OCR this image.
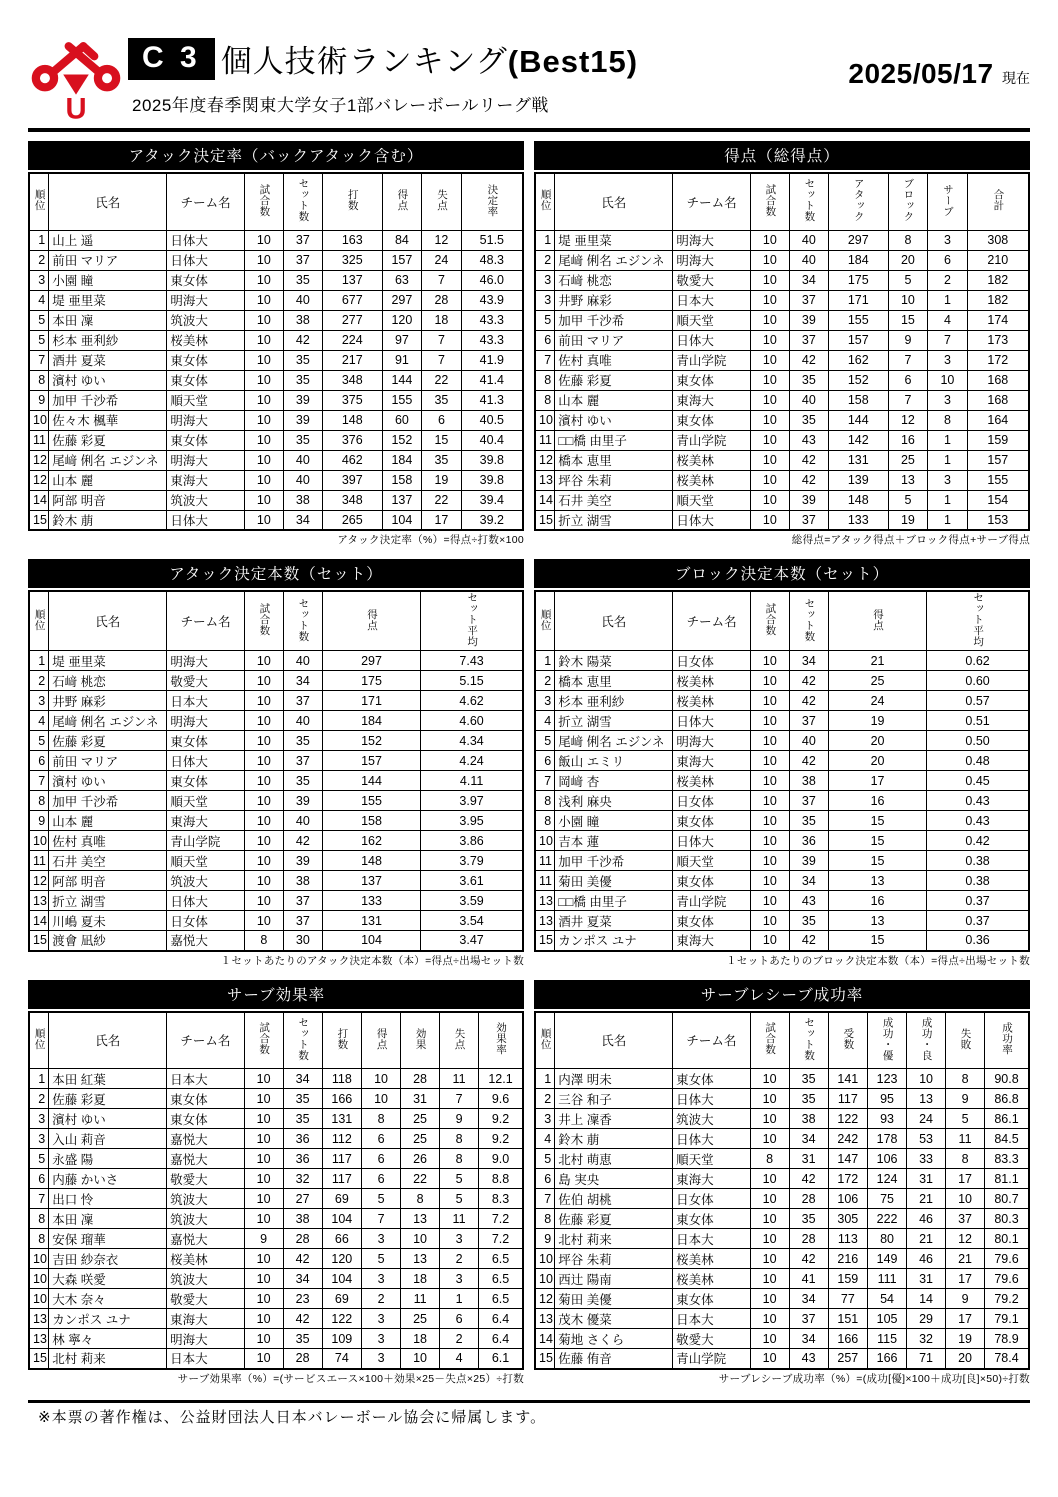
U
C 3 個人技術ランキング(Best15)
2025年度春季関東大学女子1部バレーボールリーグ戦
2025/05/17 現在
アタック決定率（バックアタック含む）
順位	氏名	チーム名	試合数	セット数	打数	得点	失点	決定率
1	山上 遥	日体大	10	37	163	84	12	51.5
2	前田 マリア	日体大	10	37	325	157	24	48.3
3	小園 瞳	東女体	10	35	137	63	7	46.0
4	堤 亜里菜	明海大	10	40	677	297	28	43.9
5	本田 凜	筑波大	10	38	277	120	18	43.3
5	杉本 亜利紗	桜美林	10	42	224	97	7	43.3
7	酒井 夏菜	東女体	10	35	217	91	7	41.9
8	濱村 ゆい	東女体	10	35	348	144	22	41.4
9	加甲 千沙希	順天堂	10	39	375	155	35	41.3
10	佐々木 楓華	明海大	10	39	148	60	6	40.5
11	佐藤 彩夏	東女体	10	35	376	152	15	40.4
12	尾﨑 俐名 エジンネ	明海大	10	40	462	184	35	39.8
12	山本 麗	東海大	10	40	397	158	19	39.8
14	阿部 明音	筑波大	10	38	348	137	22	39.4
15	鈴木 萠	日体大	10	34	265	104	17	39.2
アタック決定率（%）=得点÷打数×100
得点（総得点）
順位	氏名	チーム名	試合数	セット数	アタック	ブロック	サーブ	合計
1	堤 亜里菜	明海大	10	40	297	8	3	308
2	尾﨑 俐名 エジンネ	明海大	10	40	184	20	6	210
3	石﨑 桃恋	敬愛大	10	34	175	5	2	182
3	井野 麻彩	日本大	10	37	171	10	1	182
5	加甲 千沙希	順天堂	10	39	155	15	4	174
6	前田 マリア	日体大	10	37	157	9	7	173
7	佐村 真唯	青山学院	10	42	162	7	3	172
8	佐藤 彩夏	東女体	10	35	152	6	10	168
8	山本 麗	東海大	10	40	158	7	3	168
10	濱村 ゆい	東女体	10	35	144	12	8	164
11	□□橋 由里子	青山学院	10	43	142	16	1	159
12	橋本 恵里	桜美林	10	42	131	25	1	157
13	坪谷 朱莉	桜美林	10	42	139	13	3	155
14	石井 美空	順天堂	10	39	148	5	1	154
15	折立 湖雪	日体大	10	37	133	19	1	153
総得点=アタック得点＋ブロック得点+サーブ得点
アタック決定本数（セット）
順位	氏名	チーム名	試合数	セット数	得点	セット平均
1	堤 亜里菜	明海大	10	40	297	7.43
2	石﨑 桃恋	敬愛大	10	34	175	5.15
3	井野 麻彩	日本大	10	37	171	4.62
4	尾﨑 俐名 エジンネ	明海大	10	40	184	4.60
5	佐藤 彩夏	東女体	10	35	152	4.34
6	前田 マリア	日体大	10	37	157	4.24
7	濱村 ゆい	東女体	10	35	144	4.11
8	加甲 千沙希	順天堂	10	39	155	3.97
9	山本 麗	東海大	10	40	158	3.95
10	佐村 真唯	青山学院	10	42	162	3.86
11	石井 美空	順天堂	10	39	148	3.79
12	阿部 明音	筑波大	10	38	137	3.61
13	折立 湖雪	日体大	10	37	133	3.59
14	川嶋 夏未	日女体	10	37	131	3.54
15	渡會 凪紗	嘉悦大	8	30	104	3.47
１セットあたりのアタック決定本数（本）=得点÷出場セット数
ブロック決定本数（セット）
順位	氏名	チーム名	試合数	セット数	得点	セット平均
1	鈴木 陽菜	日女体	10	34	21	0.62
2	橋本 恵里	桜美林	10	42	25	0.60
3	杉本 亜利紗	桜美林	10	42	24	0.57
4	折立 湖雪	日体大	10	37	19	0.51
5	尾﨑 俐名 エジンネ	明海大	10	40	20	0.50
6	飯山 エミリ	東海大	10	42	20	0.48
7	岡﨑 杏	桜美林	10	38	17	0.45
8	浅利 麻央	日女体	10	37	16	0.43
8	小園 瞳	東女体	10	35	15	0.43
10	吉本 蓮	日体大	10	36	15	0.42
11	加甲 千沙希	順天堂	10	39	15	0.38
11	菊田 美優	東女体	10	34	13	0.38
13	□□橋 由里子	青山学院	10	43	16	0.37
13	酒井 夏菜	東女体	10	35	13	0.37
15	カンポス ユナ	東海大	10	42	15	0.36
１セットあたりのブロック決定本数（本）=得点÷出場セット数
サーブ効果率
順位	氏名	チーム名	試合数	セット数	打数	得点	効果	失点	効果率
1	本田 紅葉	日本大	10	34	118	10	28	11	12.1
2	佐藤 彩夏	東女体	10	35	166	10	31	7	9.6
3	濱村 ゆい	東女体	10	35	131	8	25	9	9.2
3	入山 莉音	嘉悦大	10	36	112	6	25	8	9.2
5	永盛 陽	嘉悦大	10	36	117	6	26	8	9.0
6	内藤 かいさ	敬愛大	10	32	117	6	22	5	8.8
7	出口 怜	筑波大	10	27	69	5	8	5	8.3
8	本田 凜	筑波大	10	38	104	7	13	11	7.2
8	安保 瑠華	嘉悦大	9	28	66	3	10	3	7.2
10	吉田 紗奈衣	桜美林	10	42	120	5	13	2	6.5
10	大森 咲愛	筑波大	10	34	104	3	18	3	6.5
10	大木 奈々	敬愛大	10	23	69	2	11	1	6.5
13	カンポス ユナ	東海大	10	42	122	3	25	6	6.4
13	林 寧々	明海大	10	35	109	3	18	2	6.4
15	北村 莉来	日本大	10	28	74	3	10	4	6.1
サーブ効果率（%）=(サービスエース×100＋効果×25－失点×25）÷打数
サーブレシーブ成功率
順位	氏名	チーム名	試合数	セット数	受数	成功・優	成功・良	失敗	成功率
1	内澤 明未	東女体	10	35	141	123	10	8	90.8
2	三谷 和子	日体大	10	35	117	95	13	9	86.8
3	井上 凜香	筑波大	10	38	122	93	24	5	86.1
4	鈴木 萠	日体大	10	34	242	178	53	11	84.5
5	北村 萌恵	順天堂	8	31	147	106	33	8	83.3
6	島 実央	東海大	10	42	172	124	31	17	81.1
7	佐伯 胡桃	日女体	10	28	106	75	21	10	80.7
8	佐藤 彩夏	東女体	10	35	305	222	46	37	80.3
9	北村 莉来	日本大	10	28	113	80	21	12	80.1
10	坪谷 朱莉	桜美林	10	42	216	149	46	21	79.6
10	西辻 陽南	桜美林	10	41	159	111	31	17	79.6
12	菊田 美優	東女体	10	34	77	54	14	9	79.2
13	茂木 優菜	日本大	10	37	151	105	29	17	79.1
14	菊地 さくら	敬愛大	10	34	166	115	32	19	78.9
15	佐藤 侑音	青山学院	10	43	257	166	71	20	78.4
サーブレシーブ成功率（%）=(成功[優]×100＋成功[良]×50)÷打数
※本票の著作権は、公益財団法人日本バレーボール協会に帰属します。
